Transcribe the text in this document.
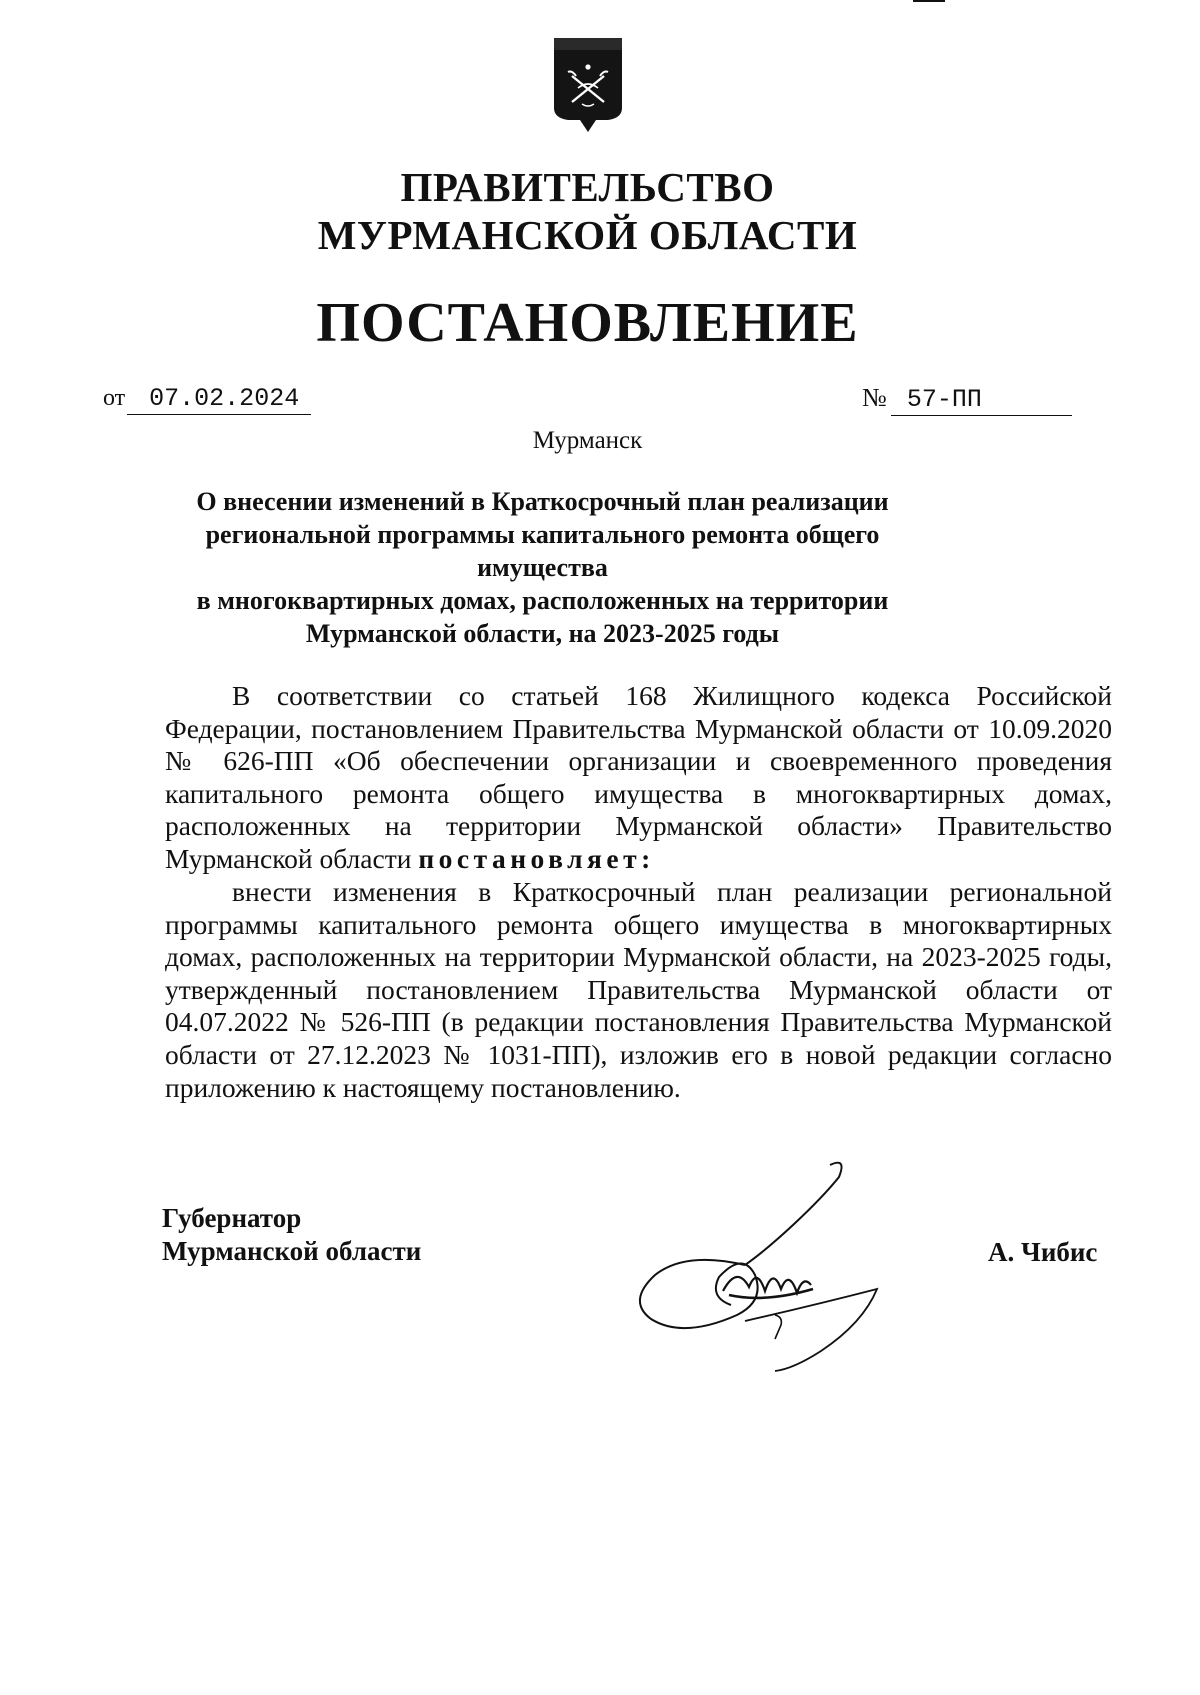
ПРАВИТЕЛЬСТВО
МУРМАНСКОЙ ОБЛАСТИ
ПОСТАНОВЛЕНИЕ
от 07.02.2024	№ 57-ПП
Мурманск
О внесении изменений в Краткосрочный план реализации
региональной программы капитального ремонта общего имущества
в многоквартирных домах, расположенных на территории
Мурманской области, на 2023-2025 годы

В соответствии со статьей 168 Жилищного кодекса Российской Федерации, постановлением Правительства Мурманской области от 10.09.2020 № 626-ПП «Об обеспечении организации и своевременного проведения капитального ремонта общего имущества в многоквартирных домах, расположенных на территории Мурманской области» Правительство Мурманской области постановляет:

внести изменения в Краткосрочный план реализации региональной программы капитального ремонта общего имущества в многоквартирных домах, расположенных на территории Мурманской области, на 2023-2025 годы, утвержденный постановлением Правительства Мурманской области от 04.07.2022 № 526-ПП (в редакции постановления Правительства Мурманской области от 27.12.2023 № 1031-ПП), изложив его в новой редакции согласно приложению к настоящему постановлению.

Губернатор
Мурманской области	А. Чибис
